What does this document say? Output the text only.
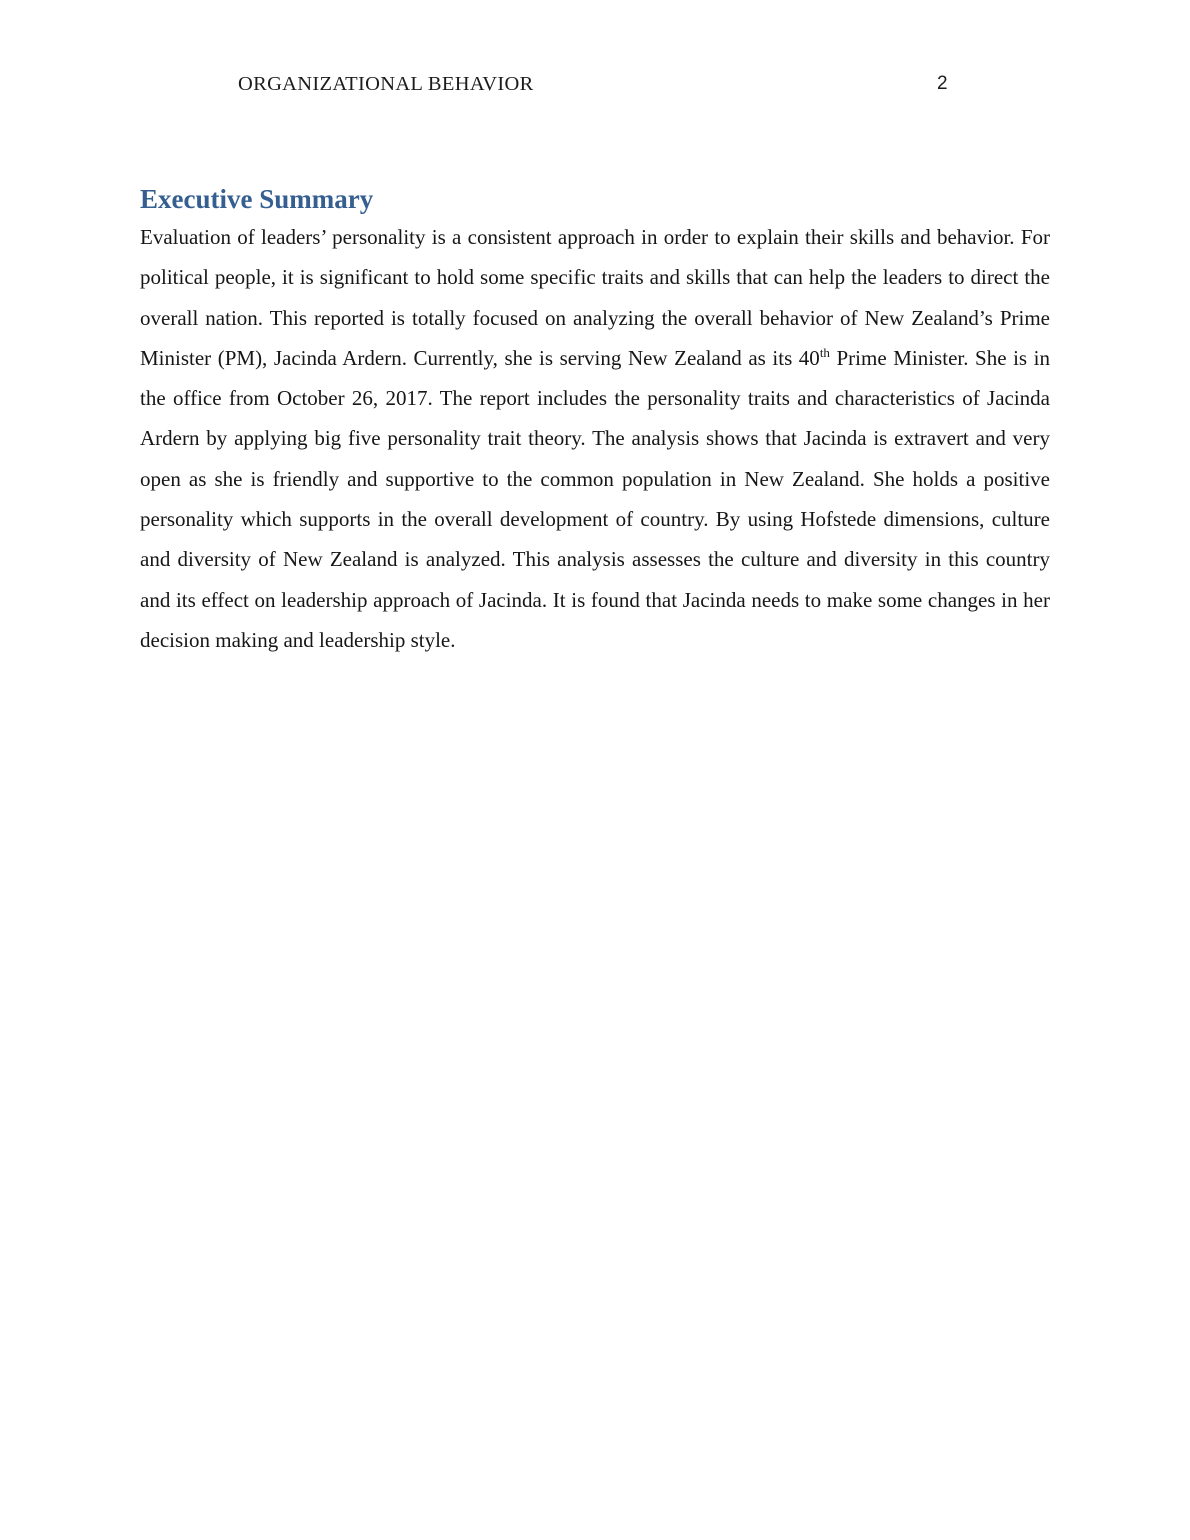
ORGANIZATIONAL BEHAVIOR	2
Executive Summary

Evaluation of leaders’ personality is a consistent approach in order to explain their skills and behavior. For political people, it is significant to hold some specific traits and skills that can help the leaders to direct the overall nation. This reported is totally focused on analyzing the overall behavior of New Zealand’s Prime Minister (PM), Jacinda Ardern. Currently, she is serving New Zealand as its 40th Prime Minister. She is in the office from October 26, 2017. The report includes the personality traits and characteristics of Jacinda Ardern by applying big five personality trait theory. The analysis shows that Jacinda is extravert and very open as she is friendly and supportive to the common population in New Zealand. She holds a positive personality which supports in the overall development of country. By using Hofstede dimensions, culture and diversity of New Zealand is analyzed. This analysis assesses the culture and diversity in this country and its effect on leadership approach of Jacinda. It is found that Jacinda needs to make some changes in her decision making and leadership style.
